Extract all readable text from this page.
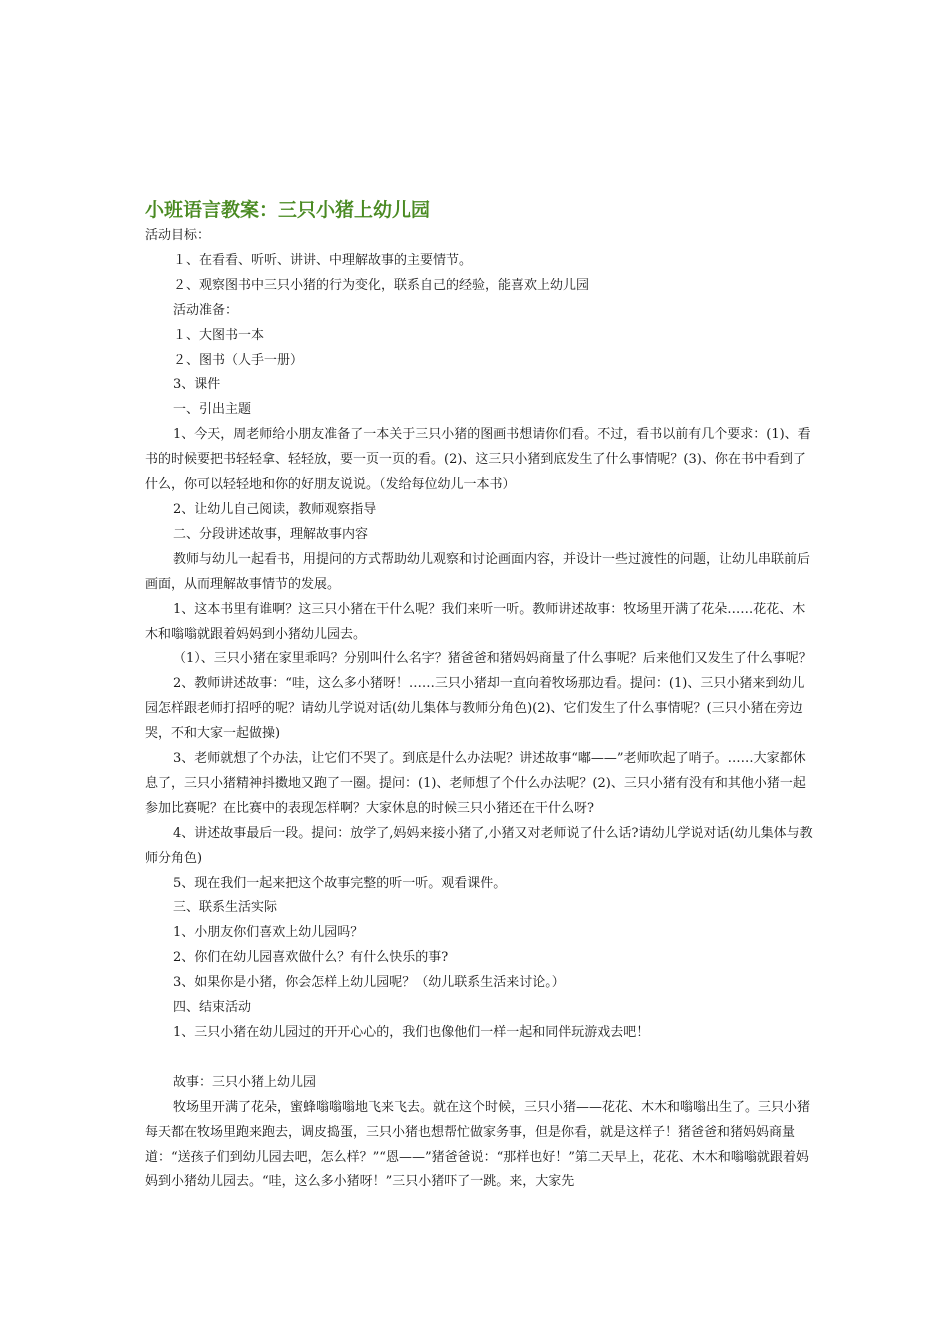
小班语言教案：三只小猪上幼儿园

活动目标：

１、在看看、听听、讲讲、中理解故事的主要情节。

２、观察图书中三只小猪的行为变化，联系自己的经验，能喜欢上幼儿园

活动准备：

１、大图书一本

２、图书（人手一册）

3、课件

一、引出主题

1、今天，周老师给小朋友准备了一本关于三只小猪的图画书想请你们看。不过，看书以前有几个要求：(1)、看书的时候要把书轻轻拿、轻轻放，要一页一页的看。(2)、这三只小猪到底发生了什么事情呢？(3)、你在书中看到了什么，你可以轻轻地和你的好朋友说说。（发给每位幼儿一本书）

2、让幼儿自己阅读，教师观察指导

二、分段讲述故事，理解故事内容

教师与幼儿一起看书，用提问的方式帮助幼儿观察和讨论画面内容，并设计一些过渡性的问题，让幼儿串联前后画面，从而理解故事情节的发展。

1、这本书里有谁啊？这三只小猪在干什么呢？我们来听一听。教师讲述故事：牧场里开满了花朵……花花、木木和嗡嗡就跟着妈妈到小猪幼儿园去。

（1）、三只小猪在家里乖吗？分别叫什么名字？猪爸爸和猪妈妈商量了什么事呢？后来他们又发生了什么事呢？

2、教师讲述故事：“哇，这么多小猪呀！……三只小猪却一直向着牧场那边看。提问：(1)、三只小猪来到幼儿园怎样跟老师打招呼的呢？请幼儿学说对话(幼儿集体与教师分角色)(2)、它们发生了什么事情呢？(三只小猪在旁边哭，不和大家一起做操)

3、老师就想了个办法，让它们不哭了。到底是什么办法呢？讲述故事“嘟——”老师吹起了哨子。……大家都休息了，三只小猪精神抖擞地又跑了一圈。提问：(1)、老师想了个什么办法呢？(2)、三只小猪有没有和其他小猪一起参加比赛呢？在比赛中的表现怎样啊？大家休息的时候三只小猪还在干什么呀?

4、讲述故事最后一段。提问：放学了,妈妈来接小猪了,小猪又对老师说了什么话?请幼儿学说对话(幼儿集体与教师分角色)

5、现在我们一起来把这个故事完整的听一听。观看课件。

三、联系生活实际

1、小朋友你们喜欢上幼儿园吗？

2、你们在幼儿园喜欢做什么？有什么快乐的事?

3、如果你是小猪，你会怎样上幼儿园呢？（幼儿联系生活来讨论。）

四、结束活动

1、三只小猪在幼儿园过的开开心心的，我们也像他们一样一起和同伴玩游戏去吧！

故事：三只小猪上幼儿园

牧场里开满了花朵，蜜蜂嗡嗡嗡地飞来飞去。就在这个时候，三只小猪——花花、木木和嗡嗡出生了。三只小猪每天都在牧场里跑来跑去，调皮捣蛋，三只小猪也想帮忙做家务事，但是你看，就是这样子！猪爸爸和猪妈妈商量道：“送孩子们到幼儿园去吧，怎么样？”“恩——”猪爸爸说：“那样也好！”第二天早上，花花、木木和嗡嗡就跟着妈妈到小猪幼儿园去。“哇，这么多小猪呀！”三只小猪吓了一跳。来，大家先
